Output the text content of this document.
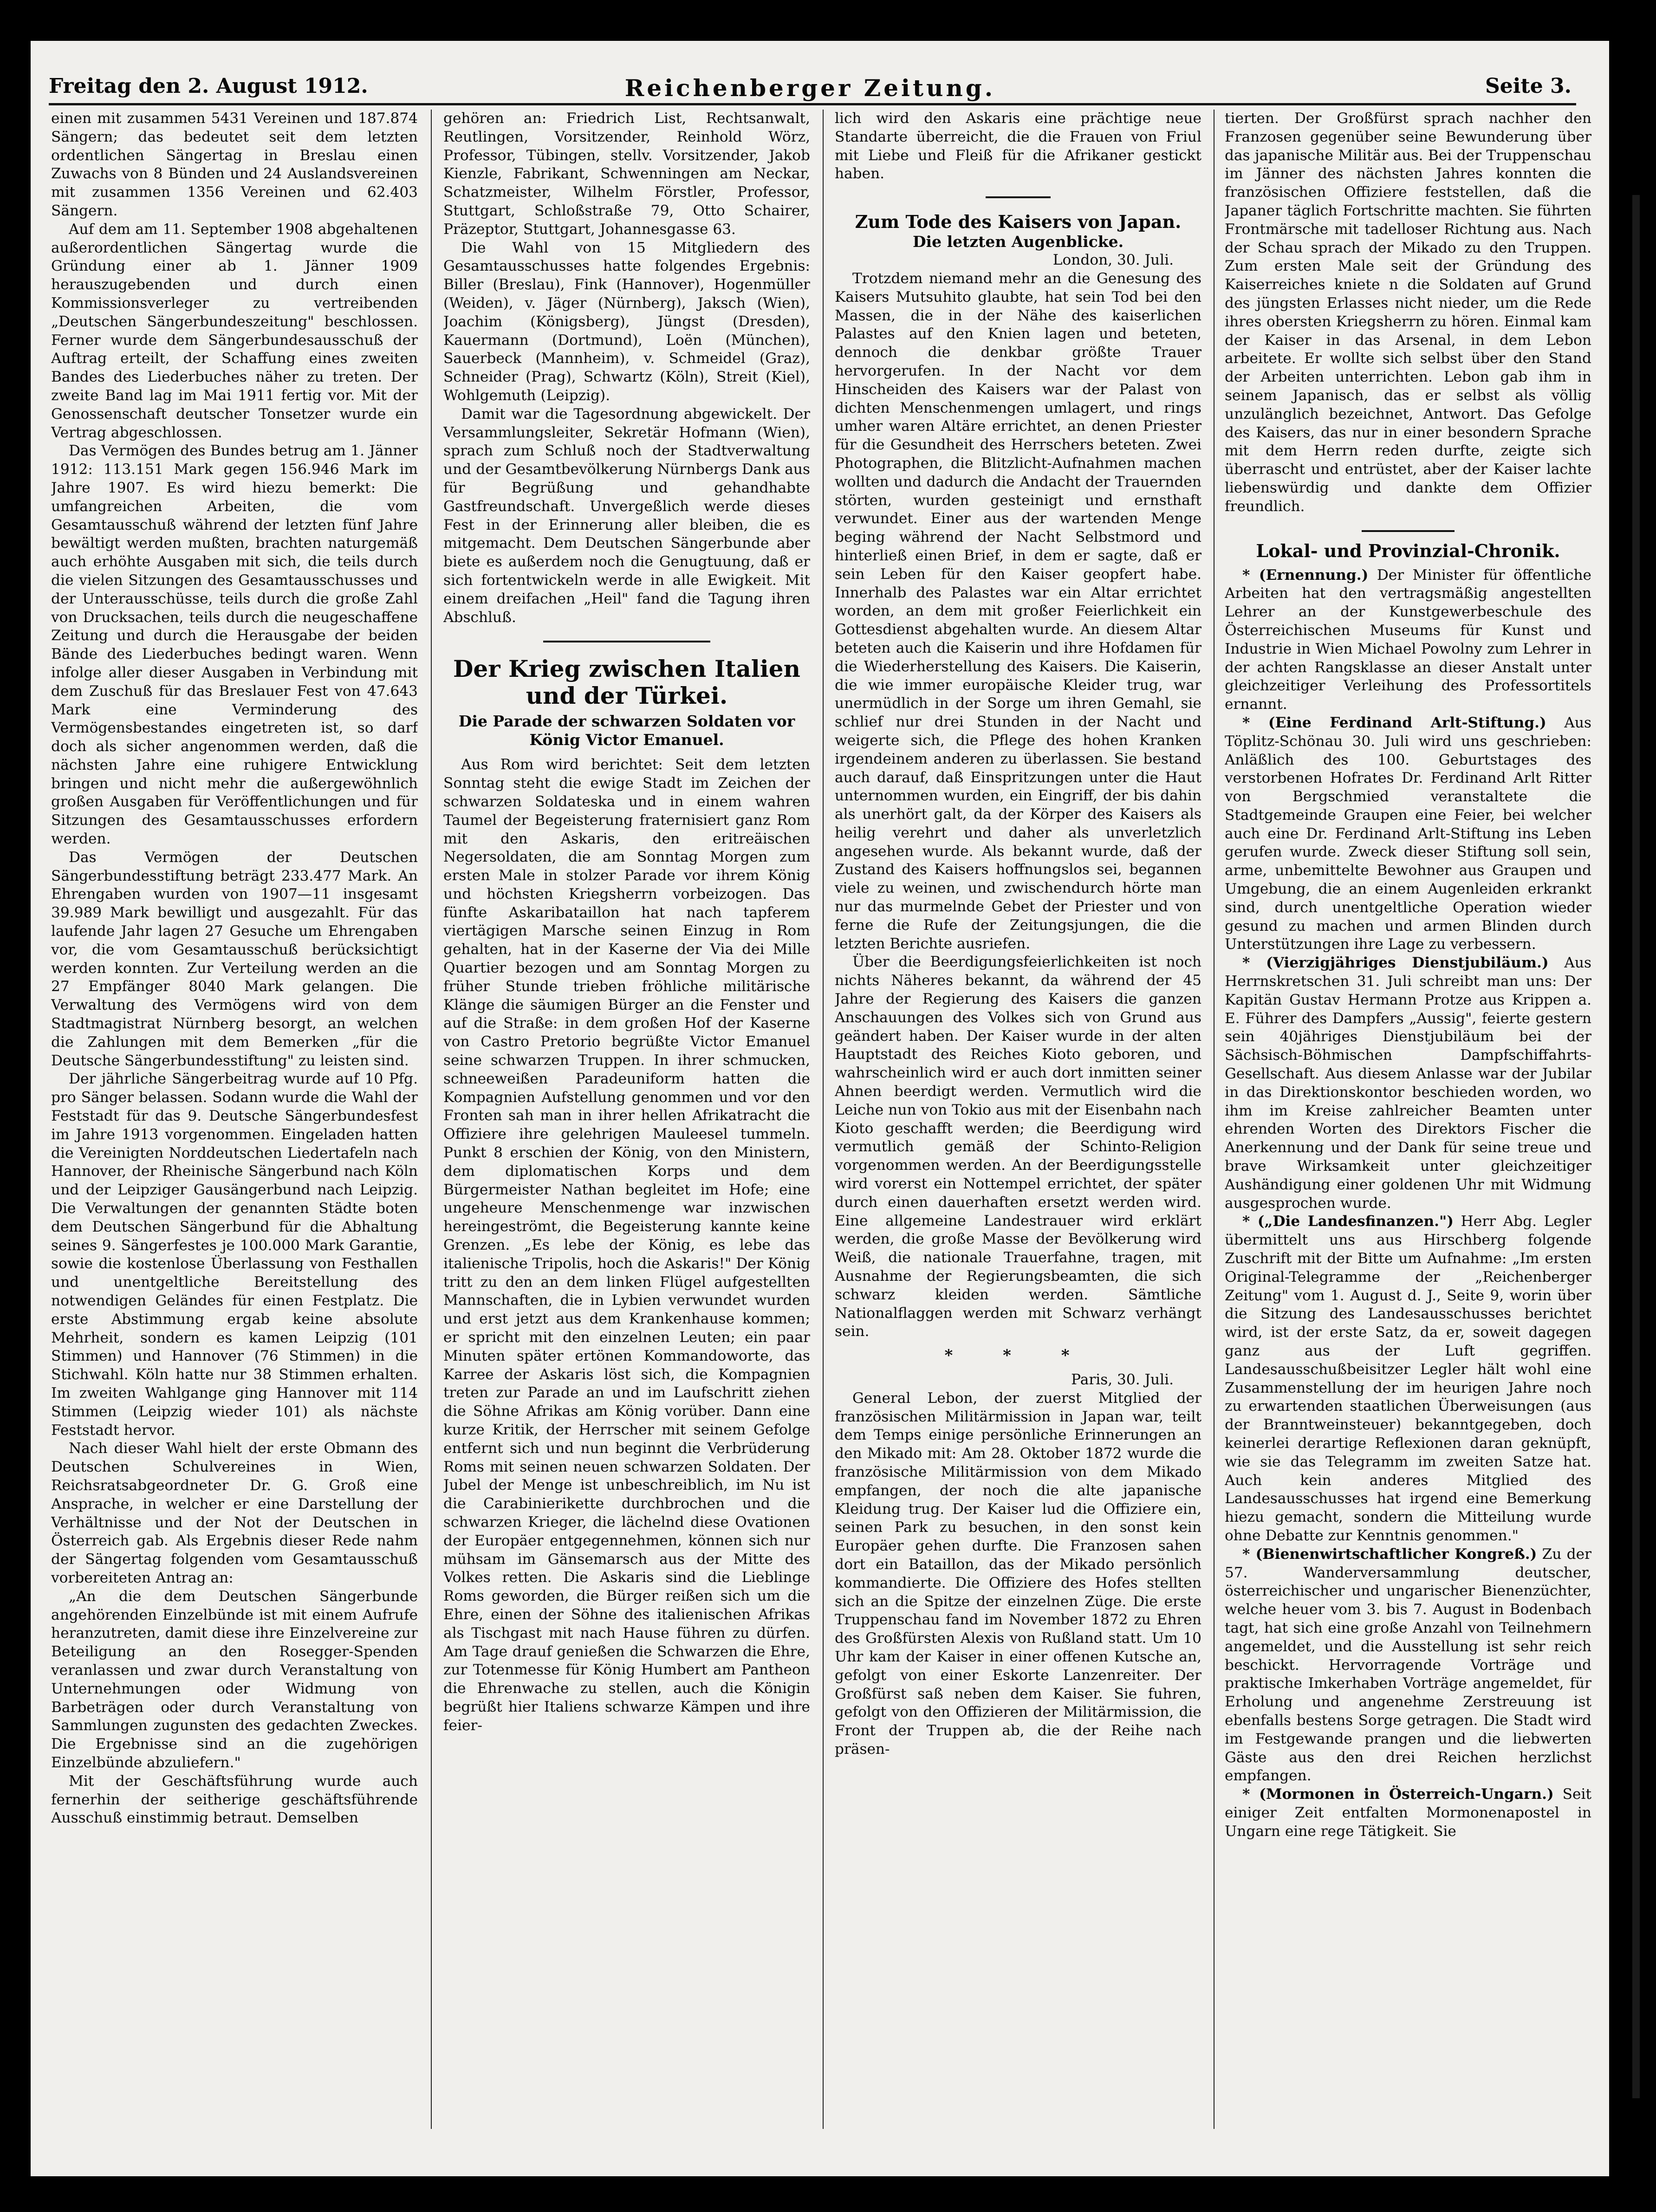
Freitag den 2. August 1912.	Reichenberger Zeitung.	Seite 3.

einen mit zusammen 5431 Vereinen und 187.874 Sängern; das bedeutet seit dem letzten ordentlichen Sängertag in Breslau einen Zuwachs von 8 Bünden und 24 Auslandsvereinen mit zusammen 1356 Vereinen und 62.403 Sängern.

Auf dem am 11. September 1908 abgehaltenen außerordentlichen Sängertag wurde die Gründung einer ab 1. Jänner 1909 herauszugebenden und durch einen Kommissionsverleger zu vertreibenden „Deutschen Sängerbundeszeitung" beschlossen. Ferner wurde dem Sängerbundesausschuß der Auftrag erteilt, der Schaffung eines zweiten Bandes des Liederbuches näher zu treten. Der zweite Band lag im Mai 1911 fertig vor. Mit der Genossenschaft deutscher Tonsetzer wurde ein Vertrag abgeschlossen.

Das Vermögen des Bundes betrug am 1. Jänner 1912: 113.151 Mark gegen 156.946 Mark im Jahre 1907. Es wird hiezu bemerkt: Die umfangreichen Arbeiten, die vom Gesamtausschuß während der letzten fünf Jahre bewältigt werden mußten, brachten naturgemäß auch erhöhte Ausgaben mit sich, die teils durch die vielen Sitzungen des Gesamtausschusses und der Unterausschüsse, teils durch die große Zahl von Drucksachen, teils durch die neugeschaffene Zeitung und durch die Herausgabe der beiden Bände des Liederbuches bedingt waren. Wenn infolge aller dieser Ausgaben in Verbindung mit dem Zuschuß für das Breslauer Fest von 47.643 Mark eine Verminderung des Vermögensbestandes eingetreten ist, so darf doch als sicher angenommen werden, daß die nächsten Jahre eine ruhigere Entwicklung bringen und nicht mehr die außergewöhnlich großen Ausgaben für Veröffentlichungen und für Sitzungen des Gesamtausschusses erfordern werden.

Das Vermögen der Deutschen Sängerbundesstiftung beträgt 233.477 Mark. An Ehrengaben wurden von 1907—11 insgesamt 39.989 Mark bewilligt und ausgezahlt. Für das laufende Jahr lagen 27 Gesuche um Ehrengaben vor, die vom Gesamtausschuß berücksichtigt werden konnten. Zur Verteilung werden an die 27 Empfänger 8040 Mark gelangen. Die Verwaltung des Vermögens wird von dem Stadtmagistrat Nürnberg besorgt, an welchen die Zahlungen mit dem Bemerken „für die Deutsche Sängerbundesstiftung" zu leisten sind.

Der jährliche Sängerbeitrag wurde auf 10 Pfg. pro Sänger belassen. Sodann wurde die Wahl der Feststadt für das 9. Deutsche Sängerbundesfest im Jahre 1913 vorgenommen. Eingeladen hatten die Vereinigten Norddeutschen Liedertafeln nach Hannover, der Rheinische Sängerbund nach Köln und der Leipziger Gausängerbund nach Leipzig. Die Verwaltungen der genannten Städte boten dem Deutschen Sängerbund für die Abhaltung seines 9. Sängerfestes je 100.000 Mark Garantie, sowie die kostenlose Überlassung von Festhallen und unentgeltliche Bereitstellung des notwendigen Geländes für einen Festplatz. Die erste Abstimmung ergab keine absolute Mehrheit, sondern es kamen Leipzig (101 Stimmen) und Hannover (76 Stimmen) in die Stichwahl. Köln hatte nur 38 Stimmen erhalten. Im zweiten Wahlgange ging Hannover mit 114 Stimmen (Leipzig wieder 101) als nächste Feststadt hervor.

Nach dieser Wahl hielt der erste Obmann des Deutschen Schulvereines in Wien, Reichsratsabgeordneter Dr. G. Groß eine Ansprache, in welcher er eine Darstellung der Verhältnisse und der Not der Deutschen in Österreich gab. Als Ergebnis dieser Rede nahm der Sängertag folgenden vom Gesamtausschuß vorbereiteten Antrag an:

„An die dem Deutschen Sängerbunde angehörenden Einzelbünde ist mit einem Aufrufe heranzutreten, damit diese ihre Einzelvereine zur Beteiligung an den Rosegger-Spenden veranlassen und zwar durch Veranstaltung von Unternehmungen oder Widmung von Barbeträgen oder durch Veranstaltung von Sammlungen zugunsten des gedachten Zweckes. Die Ergebnisse sind an die zugehörigen Einzelbünde abzuliefern."

Mit der Geschäftsführung wurde auch fernerhin der seitherige geschäftsführende Ausschuß einstimmig betraut. Demselben

gehören an: Friedrich List, Rechtsanwalt, Reutlingen, Vorsitzender, Reinhold Wörz, Professor, Tübingen, stellv. Vorsitzender, Jakob Kienzle, Fabrikant, Schwenningen am Neckar, Schatzmeister, Wilhelm Förstler, Professor, Stuttgart, Schloßstraße 79, Otto Schairer, Präzeptor, Stuttgart, Johannesgasse 63.

Die Wahl von 15 Mitgliedern des Gesamtausschusses hatte folgendes Ergebnis: Biller (Breslau), Fink (Hannover), Hogenmüller (Weiden), v. Jäger (Nürnberg), Jaksch (Wien), Joachim (Königsberg), Jüngst (Dresden), Kauermann (Dortmund), Loën (München), Sauerbeck (Mannheim), v. Schmeidel (Graz), Schneider (Prag), Schwartz (Köln), Streit (Kiel), Wohlgemuth (Leipzig).

Damit war die Tagesordnung abgewickelt. Der Versammlungsleiter, Sekretär Hofmann (Wien), sprach zum Schluß noch der Stadtverwaltung und der Gesamtbevölkerung Nürnbergs Dank aus für Begrüßung und gehandhabte Gastfreundschaft. Unvergeßlich werde dieses Fest in der Erinnerung aller bleiben, die es mitgemacht. Dem Deutschen Sängerbunde aber biete es außerdem noch die Genugtuung, daß er sich fortentwickeln werde in alle Ewigkeit. Mit einem dreifachen „Heil" fand die Tagung ihren Abschluß.

Der Krieg zwischen Italien und der Türkei.
Die Parade der schwarzen Soldaten vor König Victor Emanuel.

Aus Rom wird berichtet: Seit dem letzten Sonntag steht die ewige Stadt im Zeichen der schwarzen Soldateska und in einem wahren Taumel der Begeisterung fraternisiert ganz Rom mit den Askaris, den eritreäischen Negersoldaten, die am Sonntag Morgen zum ersten Male in stolzer Parade vor ihrem König und höchsten Kriegsherrn vorbeizogen. Das fünfte Askaribataillon hat nach tapferem viertägigen Marsche seinen Einzug in Rom gehalten, hat in der Kaserne der Via dei Mille Quartier bezogen und am Sonntag Morgen zu früher Stunde trieben fröhliche militärische Klänge die säumigen Bürger an die Fenster und auf die Straße: in dem großen Hof der Kaserne von Castro Pretorio begrüßte Victor Emanuel seine schwarzen Truppen. In ihrer schmucken, schneeweißen Paradeuniform hatten die Kompagnien Aufstellung genommen und vor den Fronten sah man in ihrer hellen Afrikatracht die Offiziere ihre gelehrigen Mauleesel tummeln. Punkt 8 erschien der König, von den Ministern, dem diplomatischen Korps und dem Bürgermeister Nathan begleitet im Hofe; eine ungeheure Menschenmenge war inzwischen hereingeströmt, die Begeisterung kannte keine Grenzen. „Es lebe der König, es lebe das italienische Tripolis, hoch die Askaris!" Der König tritt zu den an dem linken Flügel aufgestellten Mannschaften, die in Lybien verwundet wurden und erst jetzt aus dem Krankenhause kommen; er spricht mit den einzelnen Leuten; ein paar Minuten später ertönen Kommandoworte, das Karree der Askaris löst sich, die Kompagnien treten zur Parade an und im Laufschritt ziehen die Söhne Afrikas am König vorüber. Dann eine kurze Kritik, der Herrscher mit seinem Gefolge entfernt sich und nun beginnt die Verbrüderung Roms mit seinen neuen schwarzen Soldaten. Der Jubel der Menge ist unbeschreiblich, im Nu ist die Carabinierikette durchbrochen und die schwarzen Krieger, die lächelnd diese Ovationen der Europäer entgegennehmen, können sich nur mühsam im Gänsemarsch aus der Mitte des Volkes retten. Die Askaris sind die Lieblinge Roms geworden, die Bürger reißen sich um die Ehre, einen der Söhne des italienischen Afrikas als Tischgast mit nach Hause führen zu dürfen. Am Tage drauf genießen die Schwarzen die Ehre, zur Totenmesse für König Humbert am Pantheon die Ehrenwache zu stellen, auch die Königin begrüßt hier Italiens schwarze Kämpen und ihre feier-

lich wird den Askaris eine prächtige neue Standarte überreicht, die die Frauen von Friul mit Liebe und Fleiß für die Afrikaner gestickt haben.

Zum Tode des Kaisers von Japan.
Die letzten Augenblicke.

London, 30. Juli.

Trotzdem niemand mehr an die Genesung des Kaisers Mutsuhito glaubte, hat sein Tod bei den Massen, die in der Nähe des kaiserlichen Palastes auf den Knien lagen und beteten, dennoch die denkbar größte Trauer hervorgerufen. In der Nacht vor dem Hinscheiden des Kaisers war der Palast von dichten Menschenmengen umlagert, und rings umher waren Altäre errichtet, an denen Priester für die Gesundheit des Herrschers beteten. Zwei Photographen, die Blitzlicht-Aufnahmen machen wollten und dadurch die Andacht der Trauernden störten, wurden gesteinigt und ernsthaft verwundet. Einer aus der wartenden Menge beging während der Nacht Selbstmord und hinterließ einen Brief, in dem er sagte, daß er sein Leben für den Kaiser geopfert habe. Innerhalb des Palastes war ein Altar errichtet worden, an dem mit großer Feierlichkeit ein Gottesdienst abgehalten wurde. An diesem Altar beteten auch die Kaiserin und ihre Hofdamen für die Wiederherstellung des Kaisers. Die Kaiserin, die wie immer europäische Kleider trug, war unermüdlich in der Sorge um ihren Gemahl, sie schlief nur drei Stunden in der Nacht und weigerte sich, die Pflege des hohen Kranken irgendeinem anderen zu überlassen. Sie bestand auch darauf, daß Einspritzungen unter die Haut unternommen wurden, ein Eingriff, der bis dahin als unerhört galt, da der Körper des Kaisers als heilig verehrt und daher als unverletzlich angesehen wurde. Als bekannt wurde, daß der Zustand des Kaisers hoffnungslos sei, begannen viele zu weinen, und zwischendurch hörte man nur das murmelnde Gebet der Priester und von ferne die Rufe der Zeitungsjungen, die die letzten Berichte ausriefen.

Über die Beerdigungsfeierlichkeiten ist noch nichts Näheres bekannt, da während der 45 Jahre der Regierung des Kaisers die ganzen Anschauungen des Volkes sich von Grund aus geändert haben. Der Kaiser wurde in der alten Hauptstadt des Reiches Kioto geboren, und wahrscheinlich wird er auch dort inmitten seiner Ahnen beerdigt werden. Vermutlich wird die Leiche nun von Tokio aus mit der Eisenbahn nach Kioto geschafft werden; die Beerdigung wird vermutlich gemäß der Schinto-Religion vorgenommen werden. An der Beerdigungsstelle wird vorerst ein Nottempel errichtet, der später durch einen dauerhaften ersetzt werden wird. Eine allgemeine Landestrauer wird erklärt werden, die große Masse der Bevölkerung wird Weiß, die nationale Trauerfahne, tragen, mit Ausnahme der Regierungsbeamten, die sich schwarz kleiden werden. Sämtliche Nationalflaggen werden mit Schwarz verhängt sein.

* * *

Paris, 30. Juli.

General Lebon, der zuerst Mitglied der französischen Militärmission in Japan war, teilt dem Temps einige persönliche Erinnerungen an den Mikado mit: Am 28. Oktober 1872 wurde die französische Militärmission von dem Mikado empfangen, der noch die alte japanische Kleidung trug. Der Kaiser lud die Offiziere ein, seinen Park zu besuchen, in den sonst kein Europäer gehen durfte. Die Franzosen sahen dort ein Bataillon, das der Mikado persönlich kommandierte. Die Offiziere des Hofes stellten sich an die Spitze der einzelnen Züge. Die erste Truppenschau fand im November 1872 zu Ehren des Großfürsten Alexis von Rußland statt. Um 10 Uhr kam der Kaiser in einer offenen Kutsche an, gefolgt von einer Eskorte Lanzenreiter. Der Großfürst saß neben dem Kaiser. Sie fuhren, gefolgt von den Offizieren der Militärmission, die Front der Truppen ab, die der Reihe nach präsen-

tierten. Der Großfürst sprach nachher den Franzosen gegenüber seine Bewunderung über das japanische Militär aus. Bei der Truppenschau im Jänner des nächsten Jahres konnten die französischen Offiziere feststellen, daß die Japaner täglich Fortschritte machten. Sie führten Frontmärsche mit tadelloser Richtung aus. Nach der Schau sprach der Mikado zu den Truppen. Zum ersten Male seit der Gründung des Kaiserreiches kniete n die Soldaten auf Grund des jüngsten Erlasses nicht nieder, um die Rede ihres obersten Kriegsherrn zu hören. Einmal kam der Kaiser in das Arsenal, in dem Lebon arbeitete. Er wollte sich selbst über den Stand der Arbeiten unterrichten. Lebon gab ihm in seinem Japanisch, das er selbst als völlig unzulänglich bezeichnet, Antwort. Das Gefolge des Kaisers, das nur in einer besondern Sprache mit dem Herrn reden durfte, zeigte sich überrascht und entrüstet, aber der Kaiser lachte liebenswürdig und dankte dem Offizier freundlich.

Lokal- und Provinzial-Chronik.

* (Ernennung.) Der Minister für öffentliche Arbeiten hat den vertragsmäßig angestellten Lehrer an der Kunstgewerbeschule des Österreichischen Museums für Kunst und Industrie in Wien Michael Powolny zum Lehrer in der achten Rangsklasse an dieser Anstalt unter gleichzeitiger Verleihung des Professortitels ernannt.

* (Eine Ferdinand Arlt-Stiftung.) Aus Töplitz-Schönau 30. Juli wird uns geschrieben: Anläßlich des 100. Geburtstages des verstorbenen Hofrates Dr. Ferdinand Arlt Ritter von Bergschmied veranstaltete die Stadtgemeinde Graupen eine Feier, bei welcher auch eine Dr. Ferdinand Arlt-Stiftung ins Leben gerufen wurde. Zweck dieser Stiftung soll sein, arme, unbemittelte Bewohner aus Graupen und Umgebung, die an einem Augenleiden erkrankt sind, durch unentgeltliche Operation wieder gesund zu machen und armen Blinden durch Unterstützungen ihre Lage zu verbessern.

* (Vierzigjähriges Dienstjubiläum.) Aus Herrnskretschen 31. Juli schreibt man uns: Der Kapitän Gustav Hermann Protze aus Krippen a. E. Führer des Dampfers „Aussig", feierte gestern sein 40jähriges Dienstjubiläum bei der Sächsisch-Böhmischen Dampfschiffahrts-Gesellschaft. Aus diesem Anlasse war der Jubilar in das Direktionskontor beschieden worden, wo ihm im Kreise zahlreicher Beamten unter ehrenden Worten des Direktors Fischer die Anerkennung und der Dank für seine treue und brave Wirksamkeit unter gleichzeitiger Aushändigung einer goldenen Uhr mit Widmung ausgesprochen wurde.

* („Die Landesfinanzen.") Herr Abg. Legler übermittelt uns aus Hirschberg folgende Zuschrift mit der Bitte um Aufnahme: „Im ersten Original-Telegramme der „Reichenberger Zeitung" vom 1. August d. J., Seite 9, worin über die Sitzung des Landesausschusses berichtet wird, ist der erste Satz, da er, soweit dagegen ganz aus der Luft gegriffen. Landesausschußbeisitzer Legler hält wohl eine Zusammenstellung der im heurigen Jahre noch zu erwartenden staatlichen Überweisungen (aus der Branntweinsteuer) bekanntgegeben, doch keinerlei derartige Reflexionen daran geknüpft, wie sie das Telegramm im zweiten Satze hat. Auch kein anderes Mitglied des Landesausschusses hat irgend eine Bemerkung hiezu gemacht, sondern die Mitteilung wurde ohne Debatte zur Kenntnis genommen."

* (Bienenwirtschaftlicher Kongreß.) Zu der 57. Wanderversammlung deutscher, österreichischer und ungarischer Bienenzüchter, welche heuer vom 3. bis 7. August in Bodenbach tagt, hat sich eine große Anzahl von Teilnehmern angemeldet, und die Ausstellung ist sehr reich beschickt. Hervorragende Vorträge und praktische Imkerhaben Vorträge angemeldet, für Erholung und angenehme Zerstreuung ist ebenfalls bestens Sorge getragen. Die Stadt wird im Festgewande prangen und die liebwerten Gäste aus den drei Reichen herzlichst empfangen.

* (Mormonen in Österreich-Ungarn.) Seit einiger Zeit entfalten Mormonenapostel in Ungarn eine rege Tätigkeit. Sie
